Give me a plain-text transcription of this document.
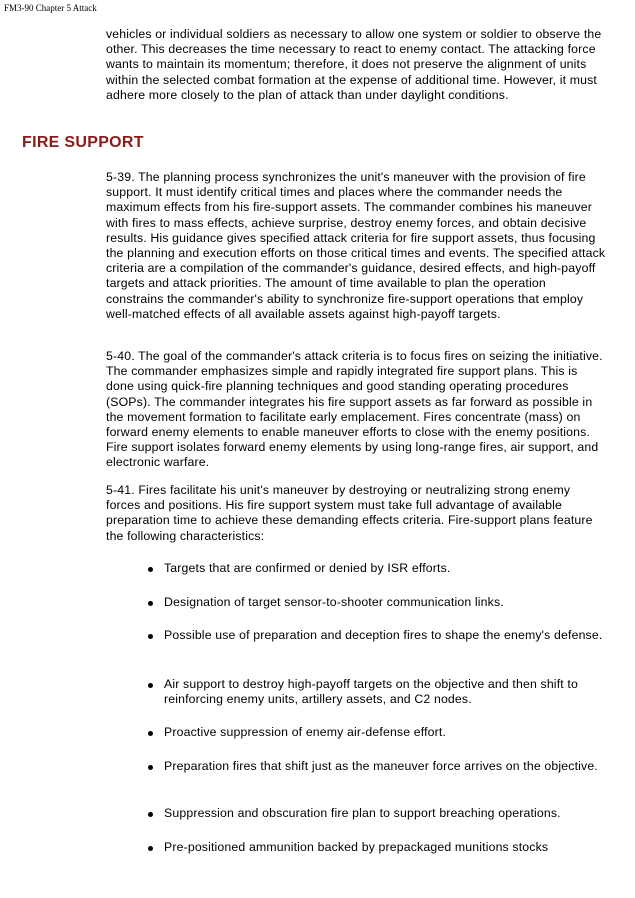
FM3-90 Chapter 5 Attack

vehicles or individual soldiers as necessary to allow one system or soldier to observe the other. This decreases the time necessary to react to enemy contact. The attacking force wants to maintain its momentum; therefore, it does not preserve the alignment of units within the selected combat formation at the expense of additional time. However, it must adhere more closely to the plan of attack than under daylight conditions.

FIRE SUPPORT

5-39. The planning process synchronizes the unit's maneuver with the provision of fire support. It must identify critical times and places where the commander needs the maximum effects from his fire-support assets. The commander combines his maneuver with fires to mass effects, achieve surprise, destroy enemy forces, and obtain decisive results. His guidance gives specified attack criteria for fire support assets, thus focusing the planning and execution efforts on those critical times and events. The specified attack criteria are a compilation of the commander's guidance, desired effects, and high-payoff targets and attack priorities. The amount of time available to plan the operation constrains the commander's ability to synchronize fire-support operations that employ well-matched effects of all available assets against high-payoff targets.

5-40. The goal of the commander's attack criteria is to focus fires on seizing the initiative. The commander emphasizes simple and rapidly integrated fire support plans. This is done using quick-fire planning techniques and good standing operating procedures (SOPs). The commander integrates his fire support assets as far forward as possible in the movement formation to facilitate early emplacement. Fires concentrate (mass) on forward enemy elements to enable maneuver efforts to close with the enemy positions. Fire support isolates forward enemy elements by using long-range fires, air support, and electronic warfare.

5-41. Fires facilitate his unit's maneuver by destroying or neutralizing strong enemy forces and positions. His fire support system must take full advantage of available preparation time to achieve these demanding effects criteria. Fire-support plans feature the following characteristics:

Targets that are confirmed or denied by ISR efforts.
Designation of target sensor-to-shooter communication links.
Possible use of preparation and deception fires to shape the enemy's defense.
Air support to destroy high-payoff targets on the objective and then shift to reinforcing enemy units, artillery assets, and C2 nodes.
Proactive suppression of enemy air-defense effort.
Preparation fires that shift just as the maneuver force arrives on the objective.
Suppression and obscuration fire plan to support breaching operations.
Pre-positioned ammunition backed by prepackaged munitions stocks
